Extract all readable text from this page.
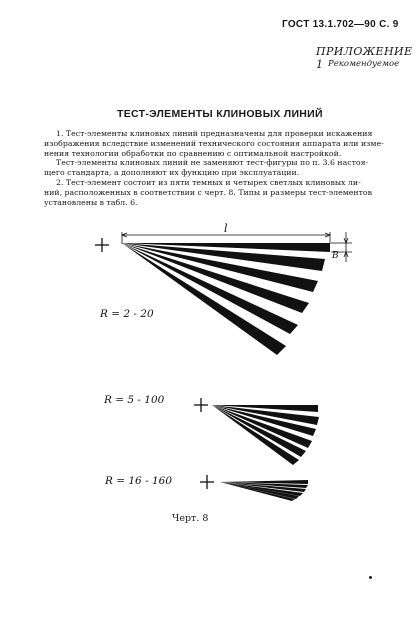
ГОСТ 13.1.702—90 С. 9
ПРИЛОЖЕНИЕ 1 Рекомендуемое
ТЕСТ-ЭЛЕМЕНТЫ КЛИНОВЫХ ЛИНИЙ
1. Тест-элементы клиновых линий предназначены для проверки искажения
изображения вследствие изменений технического состояния аппарата или изме-
нения технологии обработки по сравнению с оптимальной настройкой.
Тест-элементы клиновых линий не заменяют тест-фигуры по п. 3.6 настоя-
щего стандарта, а дополняют их функцию при эксплуатации.
2. Тест-элемент состоит из пяти темных и четырех светлых клиновых ли-
ний, расположенных в соответствии с черт. 8. Типы и размеры тест-элементов
установлены в табл. 6.
l
B
R = 2 - 20
R = 5 - 100
R = 16 - 160
Черт. 8
